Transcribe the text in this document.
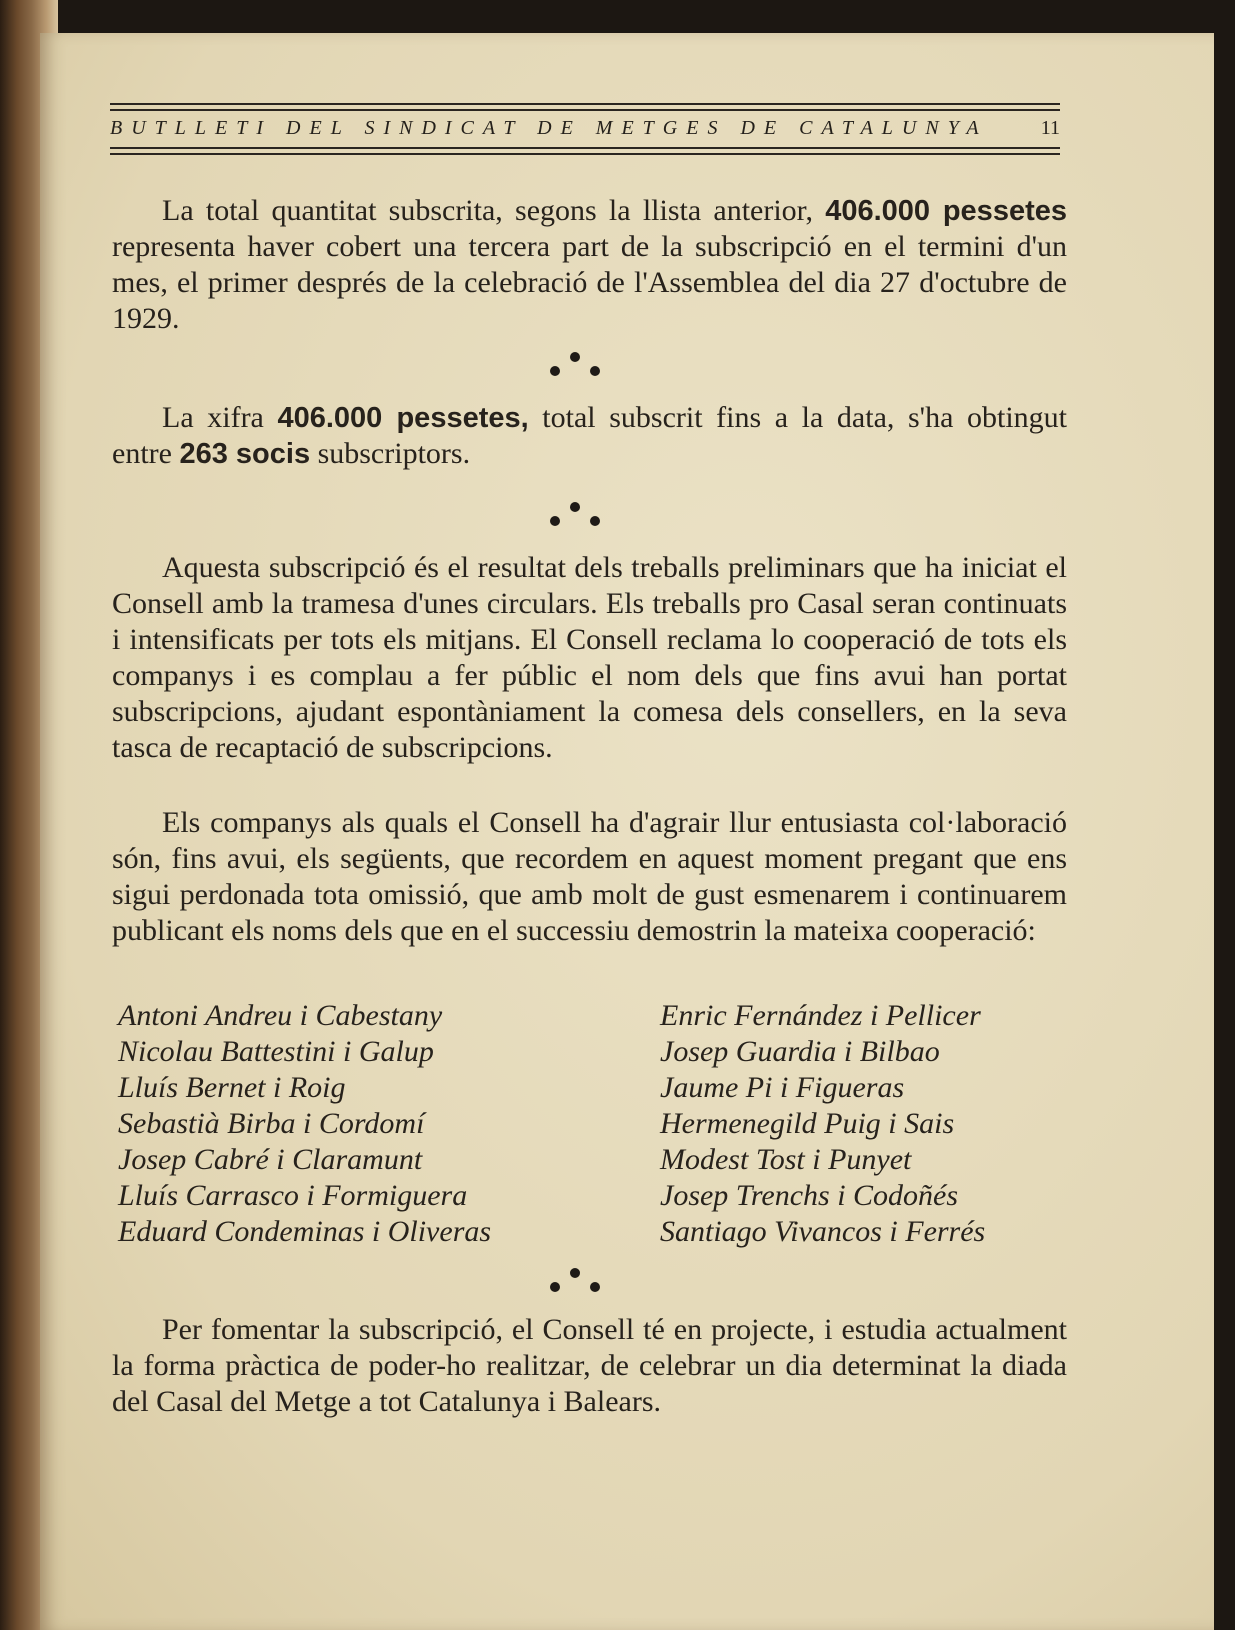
BUTLLETI DEL SINDICAT DE METGES DE CATALUNYA	11

La total quantitat subscrita, segons la llista anterior, 406.000 pessetes representa haver cobert una tercera part de la subscripció en el termini d'un mes, el primer després de la celebració de l'Assemblea del dia 27 d'octubre de 1929.

La xifra 406.000 pessetes, total subscrit fins a la data, s'ha obtingut entre 263 socis subscriptors.

Aquesta subscripció és el resultat dels treballs preliminars que ha iniciat el Consell amb la tramesa d'unes circulars. Els treballs pro Casal seran continuats i intensificats per tots els mitjans. El Consell reclama lo cooperació de tots els companys i es complau a fer públic el nom dels que fins avui han portat subscripcions, ajudant espontàniament la comesa dels consellers, en la seva tasca de recaptació de subscripcions.

Els companys als quals el Consell ha d'agrair llur entusiasta col·laboració són, fins avui, els següents, que recordem en aquest moment pregant que ens sigui perdonada tota omissió, que amb molt de gust esmenarem i continuarem publicant els noms dels que en el successiu demostrin la mateixa cooperació:

Antoni Andreu i Cabestany
Nicolau Battestini i Galup
Lluís Bernet i Roig
Sebastià Birba i Cordomí
Josep Cabré i Claramunt
Lluís Carrasco i Formiguera
Eduard Condeminas i Oliveras
Enric Fernández i Pellicer
Josep Guardia i Bilbao
Jaume Pi i Figueras
Hermenegild Puig i Sais
Modest Tost i Punyet
Josep Trenchs i Codoñés
Santiago Vivancos i Ferrés

Per fomentar la subscripció, el Consell té en projecte, i estudia actualment la forma pràctica de poder-ho realitzar, de celebrar un dia determinat la diada del Casal del Metge a tot Catalunya i Balears.
